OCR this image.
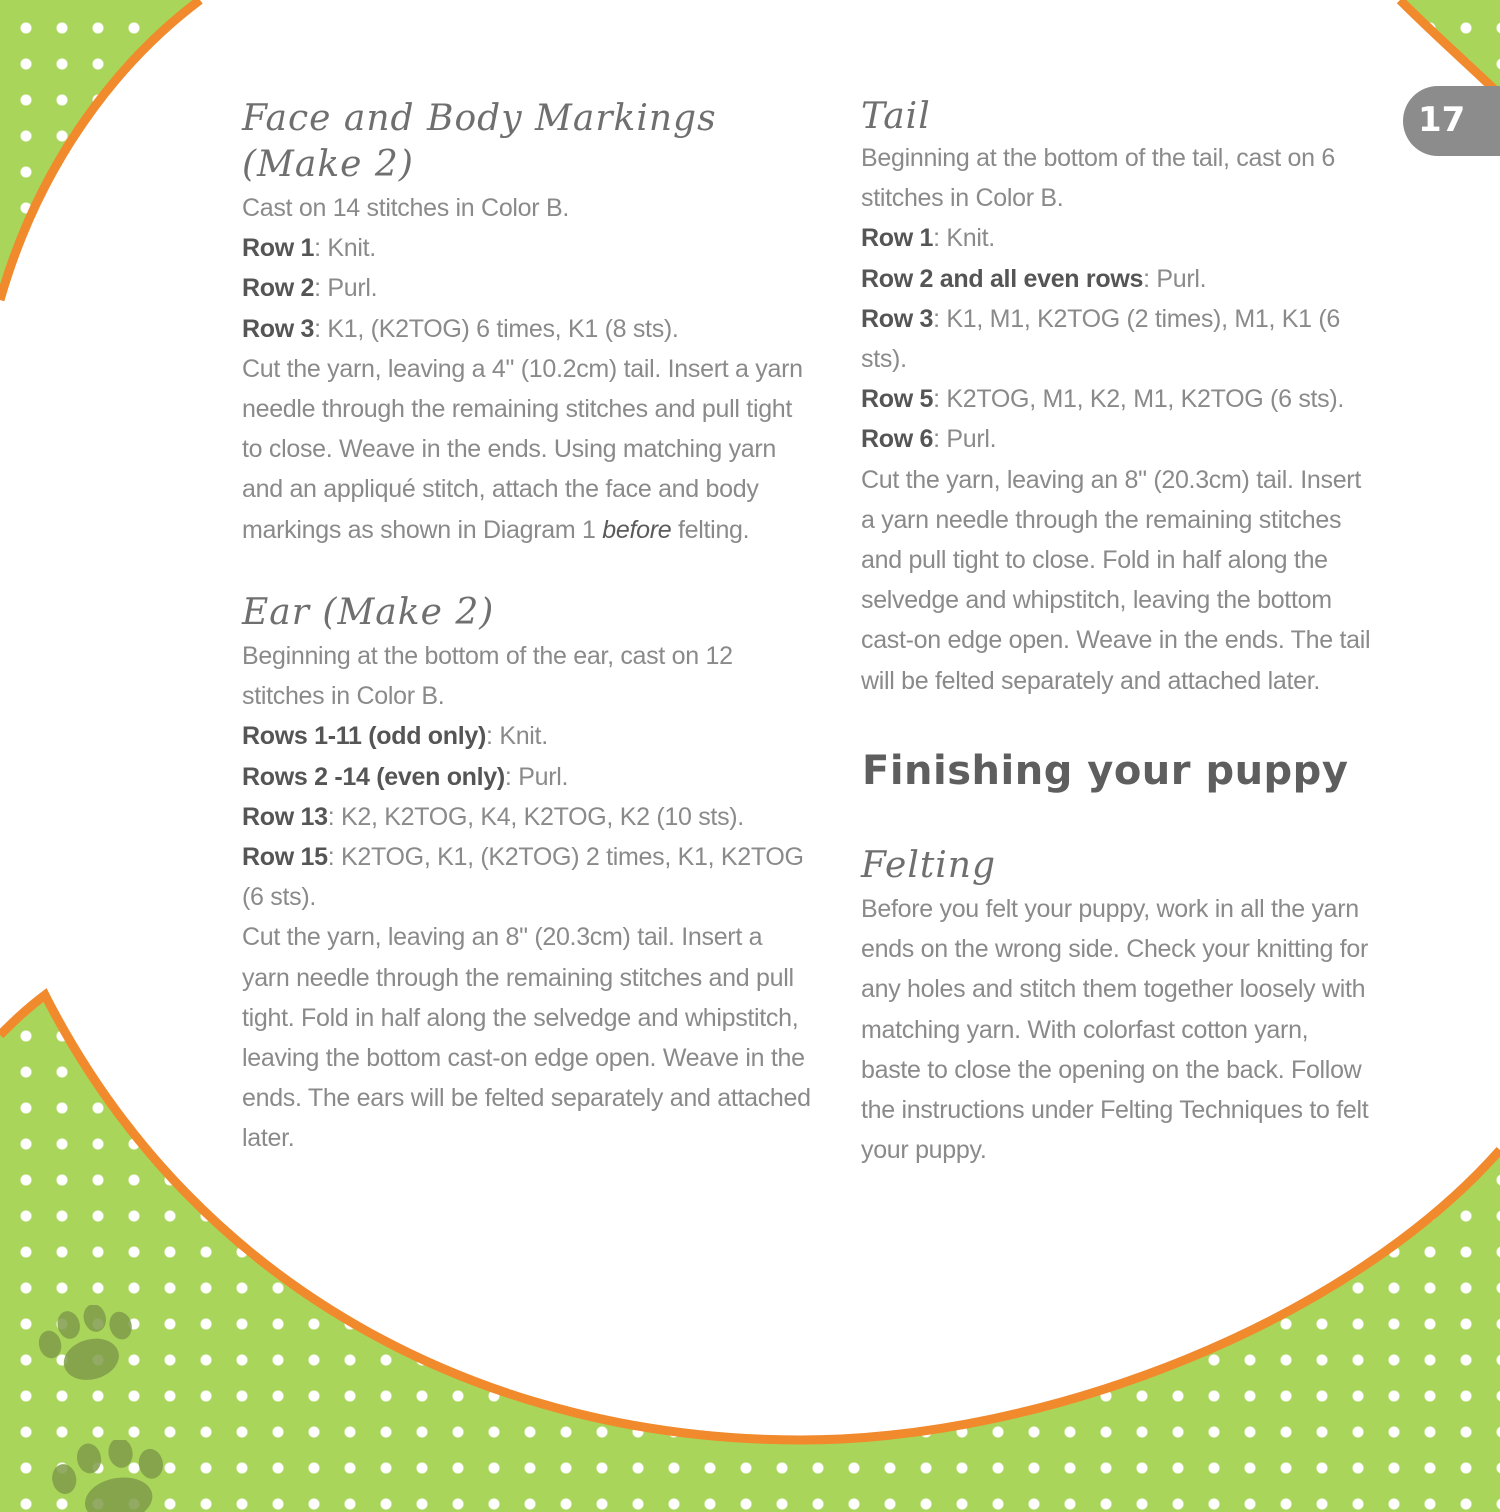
17
Face and Body Markings (Make 2)

Cast on 14 stitches in Color B.

Row 1: Knit.

Row 2: Purl.

Row 3: K1, (K2TOG) 6 times, K1 (8 sts).

Cut the yarn, leaving a 4" (10.2cm) tail. Insert a yarn needle through the remaining stitches and pull tight to close. Weave in the ends. Using matching yarn and an appliqué stitch, attach the face and body markings as shown in Diagram 1 before felting.

Ear (Make 2)

Beginning at the bottom of the ear, cast on 12 stitches in Color B.

Rows 1-11 (odd only): Knit.

Rows 2 -14 (even only): Purl.

Row 13: K2, K2TOG, K4, K2TOG, K2 (10 sts).

Row 15: K2TOG, K1, (K2TOG) 2 times, K1, K2TOG (6 sts).

Cut the yarn, leaving an 8" (20.3cm) tail. Insert a yarn needle through the remaining stitches and pull tight. Fold in half along the selvedge and whipstitch, leaving the bottom cast-on edge open. Weave in the ends. The ears will be felted separately and attached later.

Tail

Beginning at the bottom of the tail, cast on 6 stitches in Color B.

Row 1: Knit.

Row 2 and all even rows: Purl.

Row 3: K1, M1, K2TOG (2 times), M1, K1 (6 sts).

Row 5: K2TOG, M1, K2, M1, K2TOG (6 sts).

Row 6: Purl.

Cut the yarn, leaving an 8" (20.3cm) tail. Insert a yarn needle through the remaining stitches and pull tight to close. Fold in half along the selvedge and whipstitch, leaving the bottom cast-on edge open. Weave in the ends. The tail will be felted separately and attached later.

Finishing your puppy
Felting

Before you felt your puppy, work in all the yarn ends on the wrong side. Check your knitting for any holes and stitch them together loosely with matching yarn. With colorfast cotton yarn, baste to close the opening on the back. Follow the instructions under Felting Techniques to felt your puppy.
